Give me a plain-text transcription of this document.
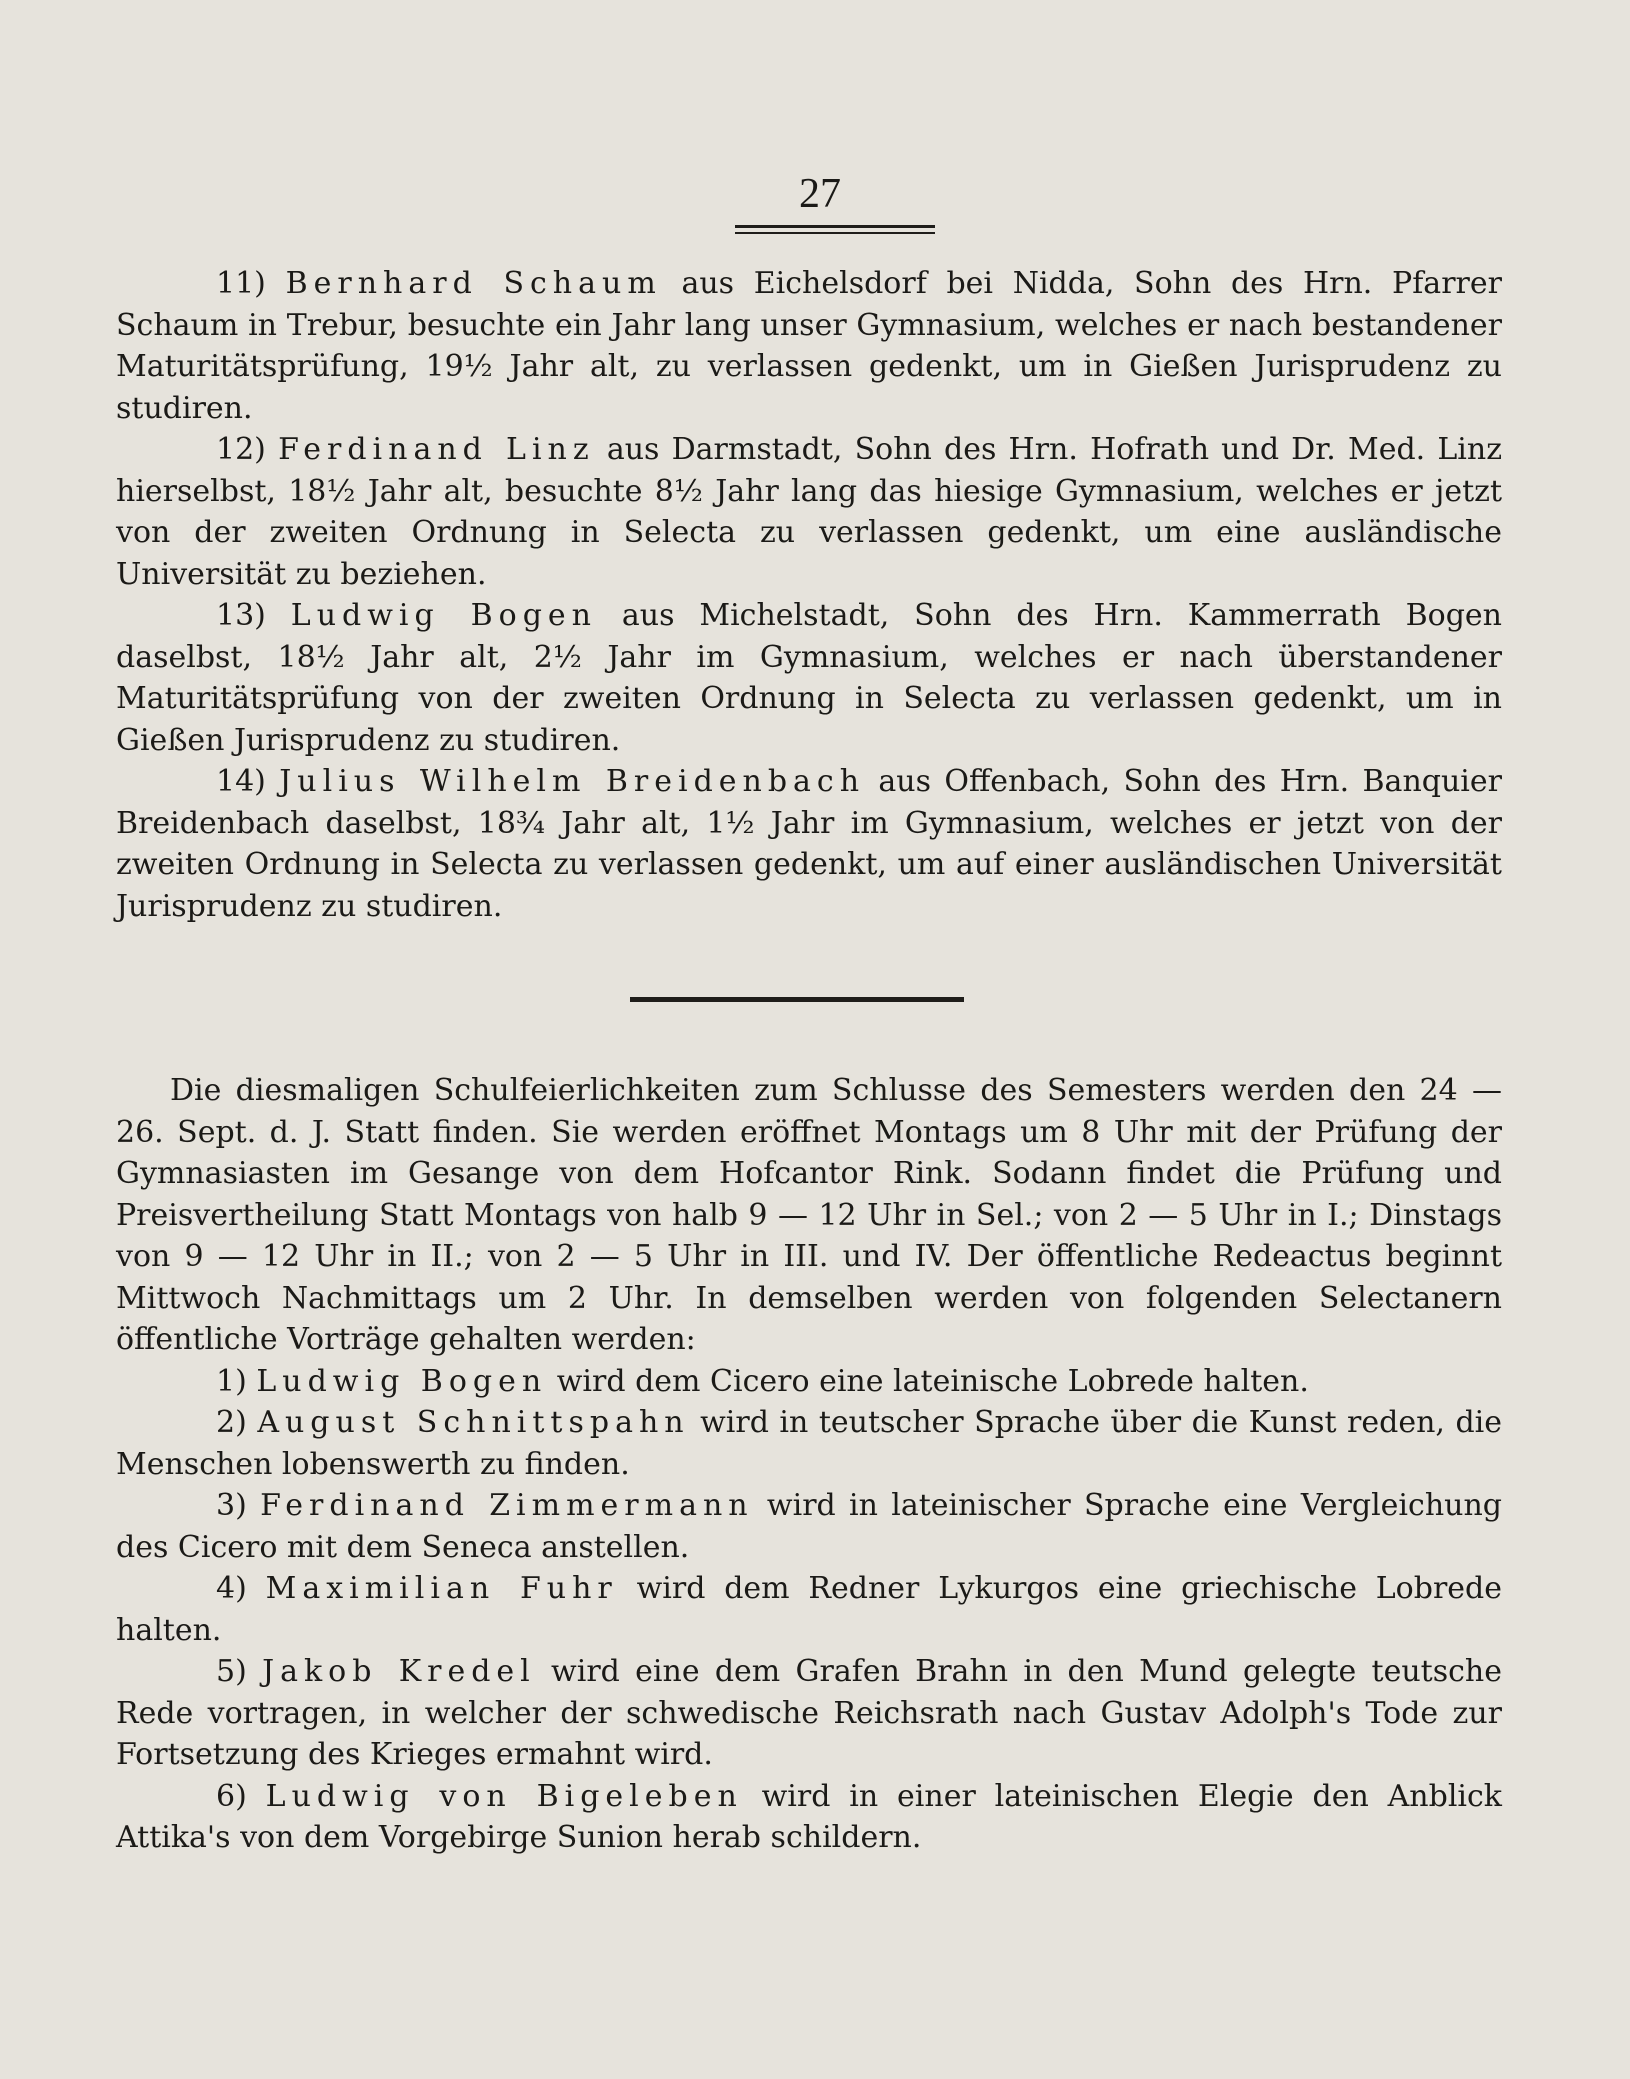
27

11) Bernhard Schaum aus Eichelsdorf bei Nidda, Sohn des Hrn. Pfarrer Schaum in Trebur, besuchte ein Jahr lang unser Gymnasium, welches er nach bestandener Maturitätsprüfung, 19½ Jahr alt, zu verlassen gedenkt, um in Gießen Jurisprudenz zu studiren.

12) Ferdinand Linz aus Darmstadt, Sohn des Hrn. Hofrath und Dr. Med. Linz hierselbst, 18½ Jahr alt, besuchte 8½ Jahr lang das hiesige Gymnasium, welches er jetzt von der zweiten Ordnung in Selecta zu verlassen gedenkt, um eine ausländische Universität zu beziehen.

13) Ludwig Bogen aus Michelstadt, Sohn des Hrn. Kammerrath Bogen daselbst, 18½ Jahr alt, 2½ Jahr im Gymnasium, welches er nach überstandener Maturitätsprüfung von der zweiten Ordnung in Selecta zu verlassen gedenkt, um in Gießen Jurisprudenz zu studiren.

14) Julius Wilhelm Breidenbach aus Offenbach, Sohn des Hrn. Banquier Breidenbach daselbst, 18¾ Jahr alt, 1½ Jahr im Gymnasium, welches er jetzt von der zweiten Ordnung in Selecta zu verlassen gedenkt, um auf einer ausländischen Universität Jurisprudenz zu studiren.

Die diesmaligen Schulfeierlichkeiten zum Schlusse des Semesters werden den 24 — 26. Sept. d. J. Statt finden. Sie werden eröffnet Montags um 8 Uhr mit der Prüfung der Gymnasiasten im Gesange von dem Hofcantor Rink. Sodann findet die Prüfung und Preisvertheilung Statt Montags von halb 9 — 12 Uhr in Sel.; von 2 — 5 Uhr in I.; Dinstags von 9 — 12 Uhr in II.; von 2 — 5 Uhr in III. und IV. Der öffentliche Redeactus beginnt Mittwoch Nachmittags um 2 Uhr. In demselben werden von folgenden Selectanern öffentliche Vorträge gehalten werden:

1) Ludwig Bogen wird dem Cicero eine lateinische Lobrede halten.

2) August Schnittspahn wird in teutscher Sprache über die Kunst reden, die Menschen lobenswerth zu finden.

3) Ferdinand Zimmermann wird in lateinischer Sprache eine Vergleichung des Cicero mit dem Seneca anstellen.

4) Maximilian Fuhr wird dem Redner Lykurgos eine griechische Lobrede halten.

5) Jakob Kredel wird eine dem Grafen Brahn in den Mund gelegte teutsche Rede vortragen, in welcher der schwedische Reichsrath nach Gustav Adolph's Tode zur Fortsetzung des Krieges ermahnt wird.

6) Ludwig von Bigeleben wird in einer lateinischen Elegie den Anblick Attika's von dem Vorgebirge Sunion herab schildern.
